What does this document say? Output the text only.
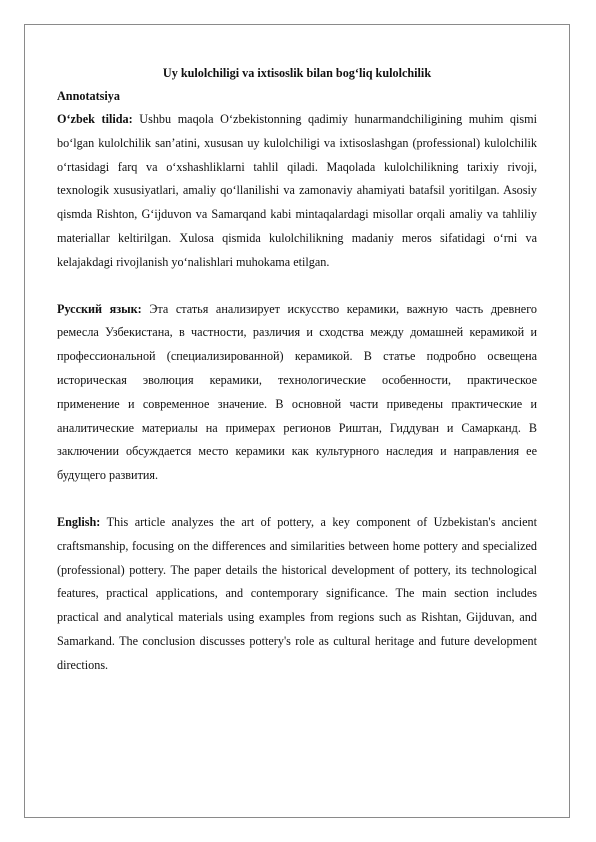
Uy kulolchiligi va ixtisoslik bilan bog‘liq kulolchilik
Annotatsiya

O‘zbek tilida: Ushbu maqola O‘zbekistonning qadimiy hunarmandchiligining muhim qismi bo‘lgan kulolchilik san’atini, xususan uy kulolchiligi va ixtisoslashgan (professional) kulolchilik o‘rtasidagi farq va o‘xshashliklarni tahlil qiladi. Maqolada kulolchilikning tarixiy rivoji, texnologik xususiyatlari, amaliy qo‘llanilishi va zamonaviy ahamiyati batafsil yoritilgan. Asosiy qismda Rishton, G‘ijduvon va Samarqand kabi mintaqalardagi misollar orqali amaliy va tahliliy materiallar keltirilgan. Xulosa qismida kulolchilikning madaniy meros sifatidagi o‘rni va kelajakdagi rivojlanish yo‘nalishlari muhokama etilgan.

Русский язык: Эта статья анализирует искусство керамики, важную часть древнего ремесла Узбекистана, в частности, различия и сходства между домашней керамикой и профессиональной (специализированной) керамикой. В статье подробно освещена историческая эволюция керамики, технологические особенности, практическое применение и современное значение. В основной части приведены практические и аналитические материалы на примерах регионов Риштан, Гиддуван и Самарканд. В заключении обсуждается место керамики как культурного наследия и направления ее будущего развития.

English: This article analyzes the art of pottery, a key component of Uzbekistan's ancient craftsmanship, focusing on the differences and similarities between home pottery and specialized (professional) pottery. The paper details the historical development of pottery, its technological features, practical applications, and contemporary significance. The main section includes practical and analytical materials using examples from regions such as Rishtan, Gijduvan, and Samarkand. The conclusion discusses pottery's role as cultural heritage and future development directions.
